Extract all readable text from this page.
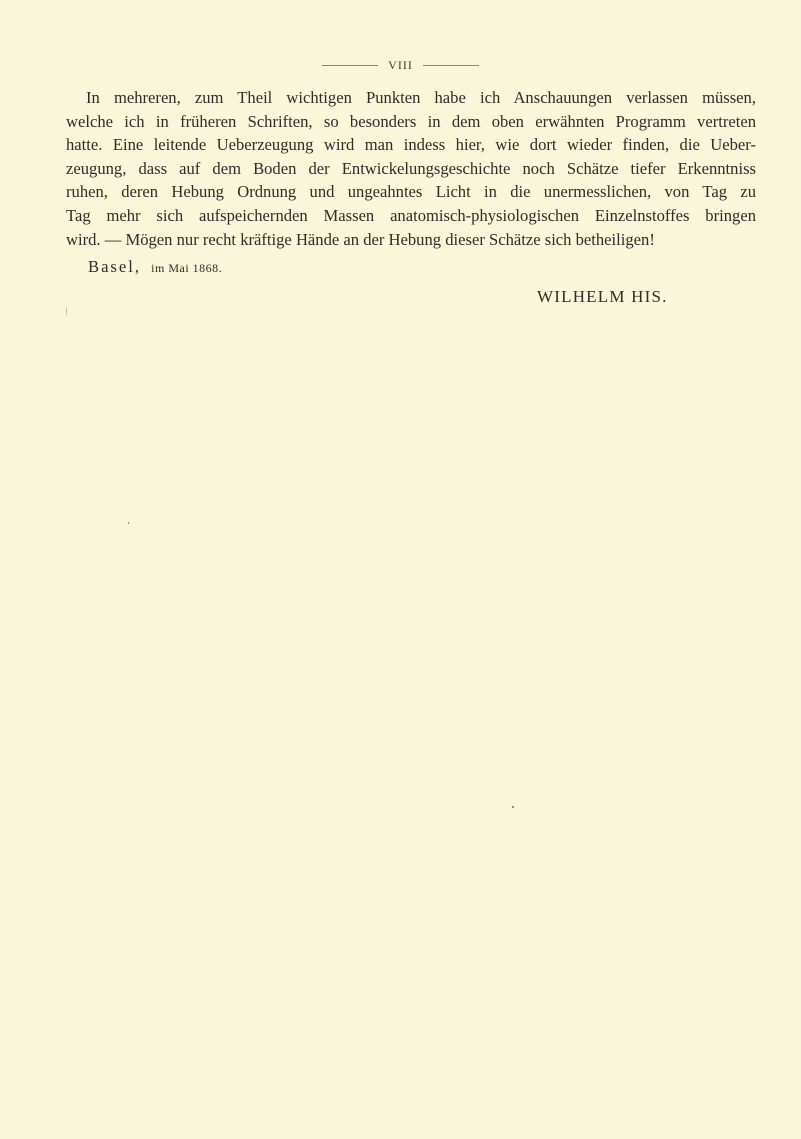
VIII
In mehreren, zum Theil wichtigen Punkten habe ich Anschauungen verlassen müssen,
welche ich in früheren Schriften, so besonders in dem oben erwähnten Programm vertreten
hatte. Eine leitende Ueberzeugung wird man indess hier, wie dort wieder finden, die Ueber-
zeugung, dass auf dem Boden der Entwickelungsgeschichte noch Schätze tiefer Erkenntniss
ruhen, deren Hebung Ordnung und ungeahntes Licht in die unermesslichen, von Tag zu
Tag mehr sich aufspeichernden Massen anatomisch-physiologischen Einzelnstoffes bringen
wird. — Mögen nur recht kräftige Hände an der Hebung dieser Schätze sich betheiligen!
Basel, im Mai 1868.
WILHELM HIS.
